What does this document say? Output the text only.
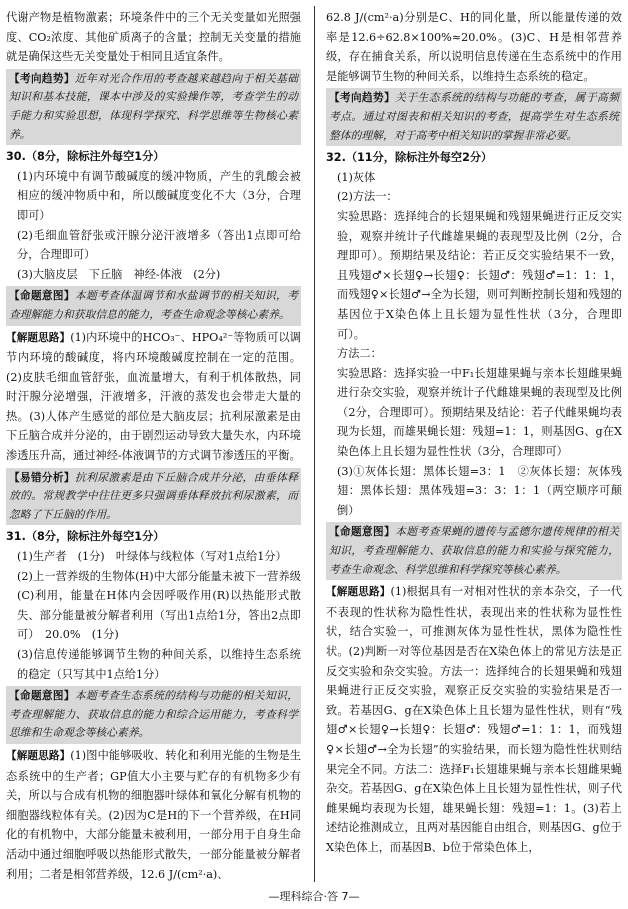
代谢产物是植物激素；环境条件中的三个无关变量如光照强度、CO₂浓度、其他矿质离子的含量；控制无关变量的措施就是确保这些无关变量处于相同且适宜条件。
【考向趋势】近年对光合作用的考查越来越趋向于相关基础知识和基本技能，课本中涉及的实验操作等，考查学生的动手能力和实验思想，体现科学探究、科学思维等生物核心素养。
30.（8分，除标注外每空1分）
(1)内环境中有调节酸碱度的缓冲物质，产生的乳酸会被相应的缓冲物质中和，所以酸碱度变化不大（3分，合理即可）
(2)毛细血管舒张或汗腺分泌汗液增多（答出1点即可给分，合理即可）
(3)大脑皮层　下丘脑　神经-体液　(2分)
【命题意图】本题考查体温调节和水盐调节的相关知识，考查理解能力和获取信息的能力，考查生命观念等核心素养。
【解题思路】(1)内环境中的HCO₃⁻、HPO₄²⁻等物质可以调节内环境的酸碱度，将内环境酸碱度控制在一定的范围。(2)皮肤毛细血管舒张，血流量增大，有利于机体散热，同时汗腺分泌增强，汗液增多，汗液的蒸发也会带走大量的热。(3)人体产生感觉的部位是大脑皮层；抗利尿激素是由下丘脑合成并分泌的，由于剧烈运动导致大量失水，内环境渗透压升高，通过神经-体液调节的方式调节渗透压的平衡。
【易错分析】抗利尿激素是由下丘脑合成并分泌，由垂体释放的。常规教学中往往更多只强调垂体释放抗利尿激素，而忽略了下丘脑的作用。
31.（8分，除标注外每空1分）
(1)生产者　(1分)　叶绿体与线粒体（写对1点给1分）
(2)上一营养级的生物体(H)中大部分能量未被下一营养级(C)利用，能量在H体内会因呼吸作用(R)以热能形式散失、部分能量被分解者利用（写出1点给1分，答出2点即可）　20.0%　(1分)
(3)信息传递能够调节生物的种间关系，以维持生态系统的稳定（只写其中1点给1分）
【命题意图】本题考查生态系统的结构与功能的相关知识，考查理解能力、获取信息的能力和综合运用能力，考查科学思维和生命观念等核心素养。
【解题思路】(1)图中能够吸收、转化和利用光能的生物是生态系统中的生产者；GP值大小主要与贮存的有机物多少有关，所以与合成有机物的细胞器叶绿体和氧化分解有机物的细胞器线粒体有关。(2)因为C是H的下一个营养级，在H同化的有机物中，大部分能量未被利用，一部分用于自身生命活动中通过细胞呼吸以热能形式散失，一部分能量被分解者利用；二者是相邻营养级，12.6 J/(cm²·a)、
62.8 J/(cm²·a)分别是C、H的同化量，所以能量传递的效率是12.6÷62.8×100%≈20.0%。(3)C、H是相邻营养级，存在捕食关系，所以说明信息传递在生态系统中的作用是能够调节生物的种间关系，以维持生态系统的稳定。
【考向趋势】关于生态系统的结构与功能的考查，属于高频考点。通过对图表和相关知识的考查，提高学生对生态系统整体的理解，对于高考中相关知识的掌握非常必要。
32.（11分，除标注外每空2分）
(1)灰体
(2)方法一：
实验思路：选择纯合的长翅果蝇和残翅果蝇进行正反交实验，观察并统计子代雌雄果蝇的表现型及比例（2分，合理即可）。预期结果及结论：若正反交实验结果不一致，且残翅♂×长翅♀→长翅♀：长翅♂：残翅♂=1：1：1，而残翅♀×长翅♂→全为长翅，则可判断控制长翅和残翅的基因位于X染色体上且长翅为显性性状（3分，合理即可）。
方法二：
实验思路：选择实验一中F₁长翅雄果蝇与亲本长翅雌果蝇进行杂交实验，观察并统计子代雌雄果蝇的表现型及比例（2分，合理即可）。预期结果及结论：若子代雌果蝇均表现为长翅，而雄果蝇长翅：残翅=1：1，则基因G、g在X染色体上且长翅为显性性状（3分，合理即可）
(3)①灰体长翅：黑体长翅=3：1　②灰体长翅：灰体残翅：黑体长翅：黑体残翅=3：3：1：1（两空顺序可颠倒）
【命题意图】本题考查果蝇的遗传与孟德尔遗传规律的相关知识，考查理解能力、获取信息的能力和实验与探究能力，考查生命观念、科学思维和科学探究等核心素养。
【解题思路】(1)根据具有一对相对性状的亲本杂交，子一代不表现的性状称为隐性性状，表现出来的性状称为显性性状，结合实验一，可推测灰体为显性性状，黑体为隐性性状。(2)判断一对等位基因是否在X染色体上的常见方法是正反交实验和杂交实验。方法一：选择纯合的长翅果蝇和残翅果蝇进行正反交实验，观察正反交实验的实验结果是否一致。若基因G、g在X染色体上且长翅为显性性状，则有“残翅♂×长翅♀→长翅♀：长翅♂：残翅♂=1：1：1，而残翅♀×长翅♂→全为长翅”的实验结果，而长翅为隐性性状则结果完全不同。方法二：选择F₁长翅雄果蝇与亲本长翅雌果蝇杂交。若基因G、g在X染色体上且长翅为显性性状，则子代雌果蝇均表现为长翅，雄果蝇长翅：残翅=1：1。(3)若上述结论推测成立，且两对基因能自由组合，则基因G、g位于X染色体上，而基因B、b位于常染色体上，
—理科综合·答 7—
